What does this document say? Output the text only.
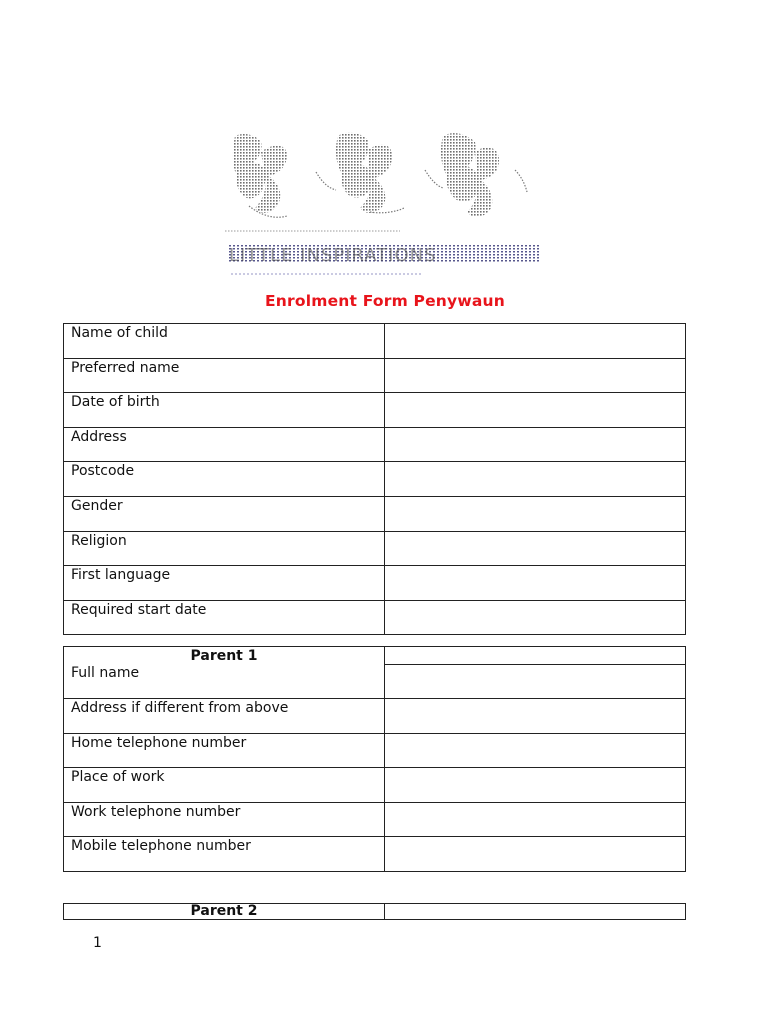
LITTLE INSPIRATIONS
Enrolment Form Penywaun
Name of child	
Preferred name	
Date of birth	
Address	
Postcode	
Gender	
Religion	
First language	
Required start date	
Parent 1
Full name	

Address if different from above	
Home telephone number	
Place of work	
Work telephone number	
Mobile telephone number	
Parent 2	
1
